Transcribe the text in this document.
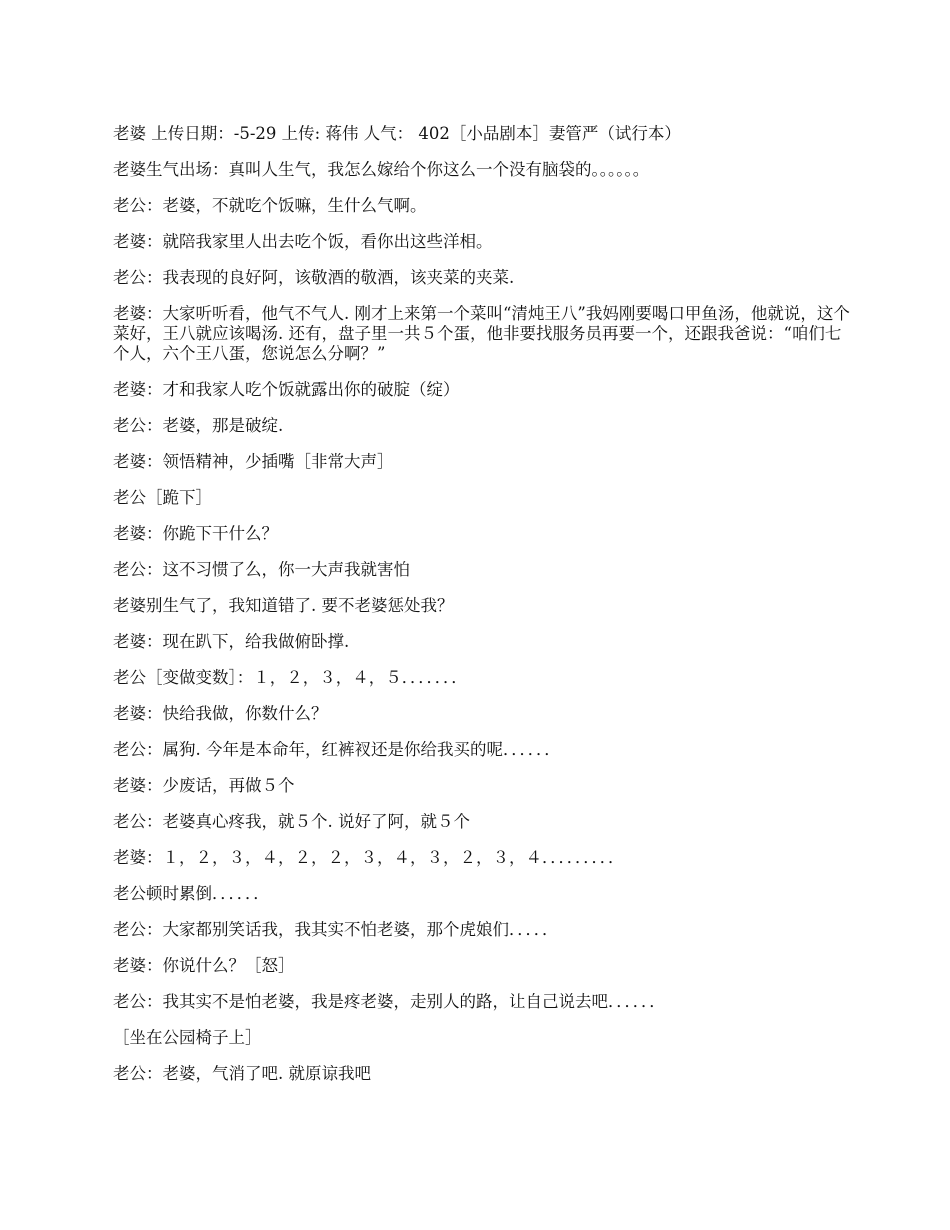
老婆 上传日期：-5-29 上传: 蒋伟 人气： 402［小品剧本］妻管严（试行本）

老婆生气出场：真叫人生气，我怎么嫁给个你这么一个没有脑袋的。。。。。。

老公：老婆，不就吃个饭嘛，生什么气啊。

老婆：就陪我家里人出去吃个饭，看你出这些洋相。

老公：我表现的良好阿，该敬酒的敬酒，该夹菜的夹菜.

老婆：大家听听看，他气不气人. 刚才上来第一个菜叫“清炖王八”我妈刚要喝口甲鱼汤，他就说，这个菜好，王八就应该喝汤. 还有，盘子里一共５个蛋，他非要找服务员再要一个，还跟我爸说：“咱们七个人，六个王八蛋，您说怎么分啊？”

老婆：才和我家人吃个饭就露出你的破腚（绽）

老公：老婆，那是破绽.

老婆：领悟精神，少插嘴［非常大声］

老公［跪下］

老婆：你跪下干什么？

老公：这不习惯了么，你一大声我就害怕

老婆别生气了，我知道错了. 要不老婆惩处我？

老婆：现在趴下，给我做俯卧撑.

老公［变做变数］：１，２，３，４，５．．．．．．．

老婆：快给我做，你数什么？

老公：属狗. 今年是本命年，红裤衩还是你给我买的呢．．．．．．

老婆：少废话，再做５个

老公：老婆真心疼我，就５个. 说好了阿，就５个

老婆：１，２，３，４，２，２，３，４，３，２，３，４．．．．．．．．．

老公顿时累倒．．．．．．

老公：大家都别笑话我，我其实不怕老婆，那个虎娘们．．．．．

老婆：你说什么？［怒］

老公：我其实不是怕老婆，我是疼老婆，走别人的路，让自己说去吧．．．．．．

［坐在公园椅子上］

老公：老婆，气消了吧. 就原谅我吧
